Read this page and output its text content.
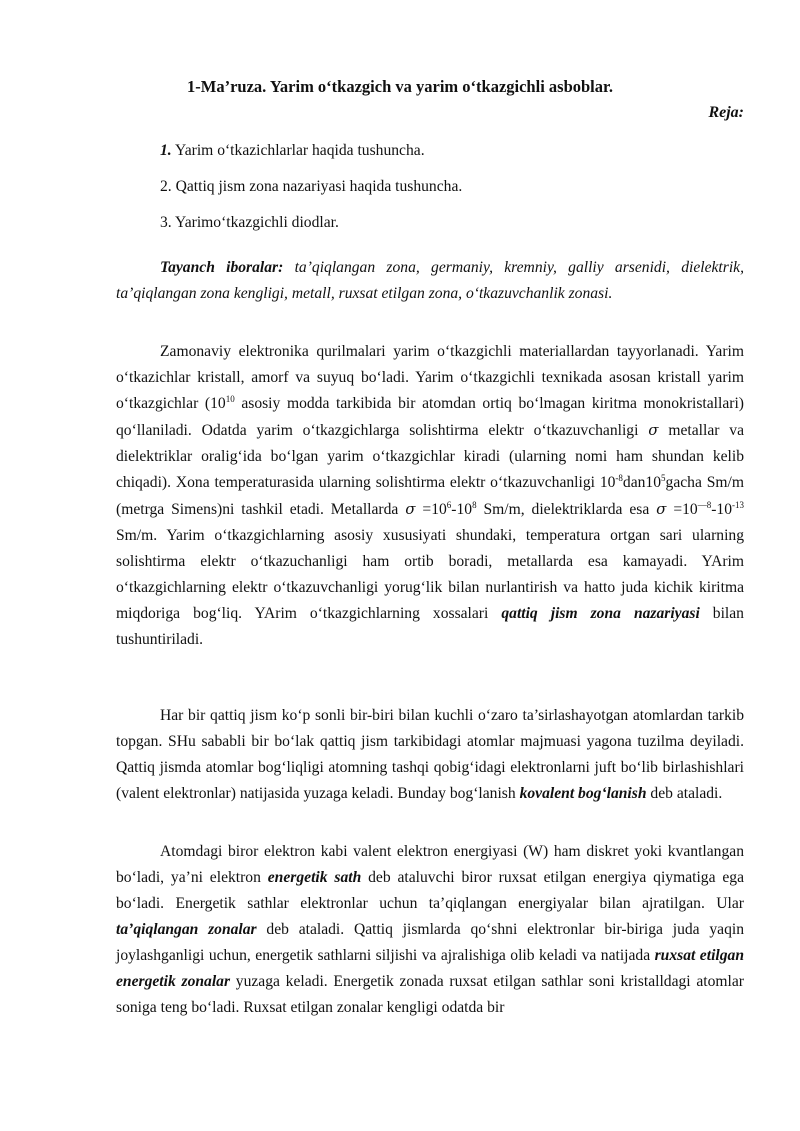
1-Ma’ruza. Yarim o‘tkazgich va yarim o‘tkazgichli asboblar.
Reja:
1. Yarim o‘tkazichlarlar haqida tushuncha.
2. Qattiq jism zona nazariyasi haqida tushuncha.
3. Yarimo‘tkazgichli diodlar.

Tayanch iboralar: ta’qiqlangan zona, germaniy, kremniy, galliy arsenidi, dielektrik, ta’qiqlangan zona kengligi, metall, ruxsat etilgan zona, o‘tkazuvchanlik zonasi.

Zamonaviy elektronika qurilmalari yarim o‘tkazgichli materiallardan tayyorlanadi. Yarim o‘tkazichlar kristall, amorf va suyuq bo‘ladi. Yarim o‘tkazgichli texnikada asosan kristall yarim o‘tkazgichlar ($10^{10}$ asosiy modda tarkibida bir atomdan ortiq bo‘lmagan kiritma monokristallari) qo‘llaniladi. Odatda yarim o‘tkazgichlarga solishtirma elektr o‘tkazuvchanligi σ metallar va dielektriklar oralig‘ida bo‘lgan yarim o‘tkazgichlar kiradi (ularning nomi ham shundan kelib chiqadi). Xona temperaturasida ularning solishtirma elektr o‘tkazuvchanligi $10^{-8}dan10^5gacha$ Sm/m (metrga Simens)ni tashkil etadi. Metallarda $\sigma =10^6-10^8$ Sm/m, dielektriklarda esa $\sigma =10^{—8}-10^{-13}$ Sm/m. Yarim o‘tkazgichlarning asosiy xususiyati shundaki, temperatura ortgan sari ularning solishtirma elektr o‘tkazuchanligi ham ortib boradi, metallarda esa kamayadi. YArim o‘tkazgichlarning elektr o‘tkazuvchanligi yorug‘lik bilan nurlantirish va hatto juda kichik kiritma miqdoriga bog‘liq. YArim o‘tkazgichlarning xossalari qattiq jism zona nazariyasi bilan tushuntiriladi.

Har bir qattiq jism ko‘p sonli bir-biri bilan kuchli o‘zaro ta’sirlashayotgan atomlardan tarkib topgan. SHu sababli bir bo‘lak qattiq jism tarkibidagi atomlar majmuasi yagona tuzilma deyiladi. Qattiq jismda atomlar bog‘liqligi atomning tashqi qobig‘idagi elektronlarni juft bo‘lib birlashishlari (valent elektronlar) natijasida yuzaga keladi. Bunday bog‘lanish kovalent bog‘lanish deb ataladi.

Atomdagi biror elektron kabi valent elektron energiyasi (W) ham diskret yoki kvantlangan bo‘ladi, ya’ni elektron energetik sath deb ataluvchi biror ruxsat etilgan energiya qiymatiga ega bo‘ladi. Energetik sathlar elektronlar uchun ta’qiqlangan energiyalar bilan ajratilgan. Ular ta’qiqlangan zonalar deb ataladi. Qattiq jismlarda qo‘shni elektronlar bir-biriga juda yaqin joylashganligi uchun, energetik sathlarni siljishi va ajralishiga olib keladi va natijada ruxsat etilgan energetik zonalar yuzaga keladi. Energetik zonada ruxsat etilgan sathlar soni kristalldagi atomlar soniga teng bo‘ladi. Ruxsat etilgan zonalar kengligi odatda bir
